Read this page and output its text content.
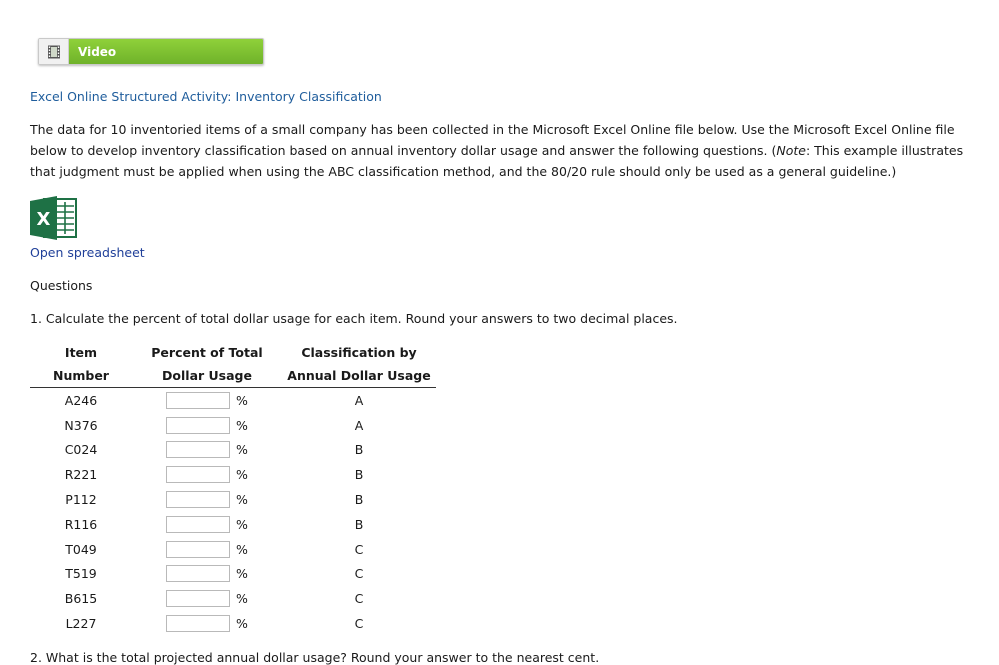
Video
Excel Online Structured Activity: Inventory Classification

The data for 10 inventoried items of a small company has been collected in the Microsoft Excel Online file below. Use the Microsoft Excel Online file below to develop inventory classification based on annual inventory dollar usage and answer the following questions. (Note: This example illustrates that judgment must be applied when using the ABC classification method, and the 80/20 rule should only be used as a general guideline.)

X
Open spreadsheet
Questions
1. Calculate the percent of total dollar usage for each item. Round your answers to two decimal places.
Item
Number
Percent of Total
Dollar Usage
Classification by
Annual Dollar Usage
A246	%	A
N376	%	A
C024	%	B
R221	%	B
P112	%	B
R116	%	B
T049	%	C
T519	%	C
B615	%	C
L227	%	C
2. What is the total projected annual dollar usage? Round your answer to the nearest cent.
